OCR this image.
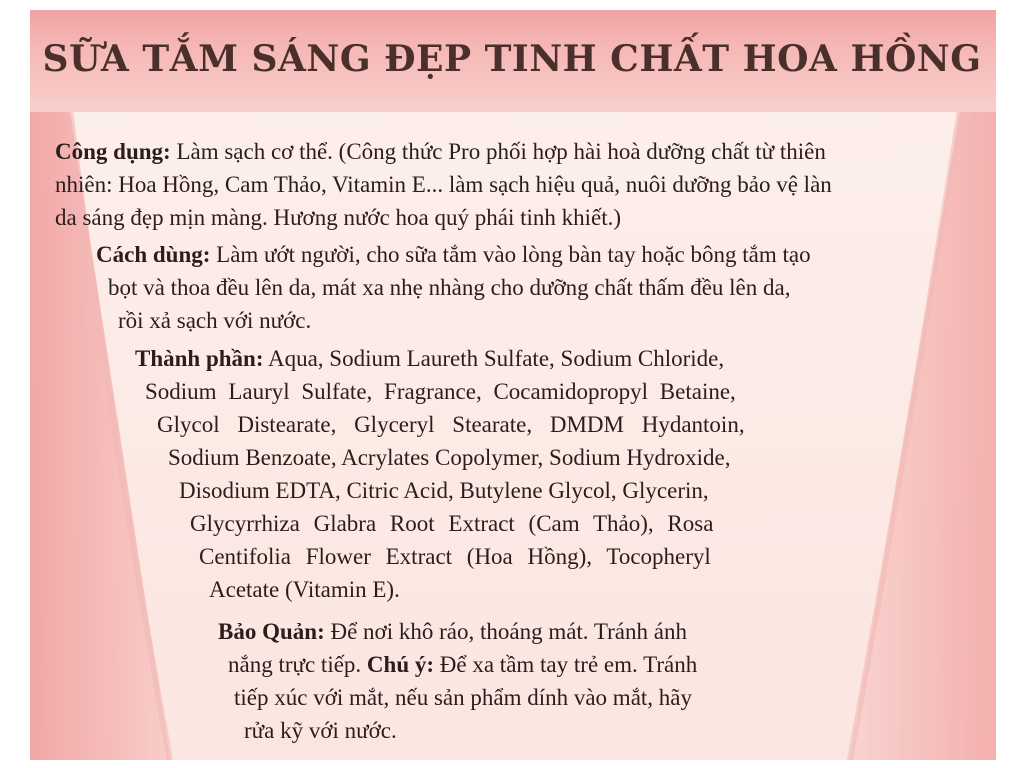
SỮA TẮM SÁNG ĐẸP TINH CHẤT HOA HỒNG
Công dụng: Làm sạch cơ thể. (Công thức Pro phối hợp hài hoà dưỡng chất từ thiên
nhiên: Hoa Hồng, Cam Thảo, Vitamin E... làm sạch hiệu quả, nuôi dưỡng bảo vệ làn
da sáng đẹp mịn màng. Hương nước hoa quý phái tinh khiết.)
Cách dùng: Làm ướt người, cho sữa tắm vào lòng bàn tay hoặc bông tắm tạo
bọt và thoa đều lên da, mát xa nhẹ nhàng cho dưỡng chất thấm đều lên da,
rồi xả sạch với nước.
Thành phần: Aqua, Sodium Laureth Sulfate, Sodium Chloride,
Sodium Lauryl Sulfate, Fragrance, Cocamidopropyl Betaine,
Glycol Distearate, Glyceryl Stearate, DMDM Hydantoin,
Sodium Benzoate, Acrylates Copolymer, Sodium Hydroxide,
Disodium EDTA, Citric Acid, Butylene Glycol, Glycerin,
Glycyrrhiza Glabra Root Extract (Cam Thảo), Rosa
Centifolia Flower Extract (Hoa Hồng), Tocopheryl
Acetate (Vitamin E).
Bảo Quản: Để nơi khô ráo, thoáng mát. Tránh ánh
nắng trực tiếp. Chú ý: Để xa tầm tay trẻ em. Tránh
tiếp xúc với mắt, nếu sản phẩm dính vào mắt, hãy
rửa kỹ với nước.
